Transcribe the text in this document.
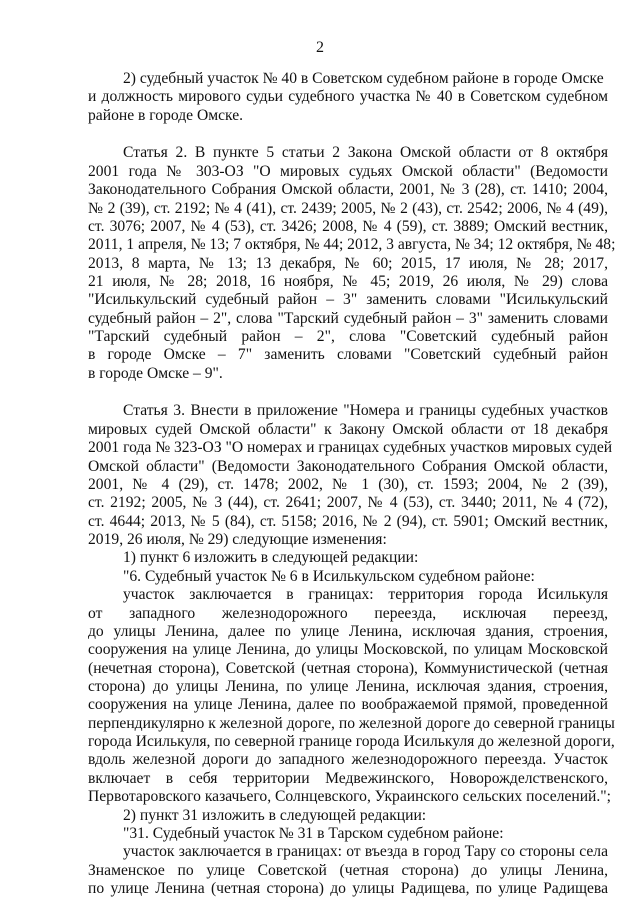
2
2) судебный участок № 40 в Советском судебном районе в городе Омске
и должность мирового судьи судебного участка № 40 в Советском судебном
районе в городе Омске.
Статья 2. В пункте 5 статьи 2 Закона Омской области от 8 октября
2001 года № 303-ОЗ "О мировых судьях Омской области" (Ведомости
Законодательного Собрания Омской области, 2001, № 3 (28), ст. 1410; 2004,
№ 2 (39), ст. 2192; № 4 (41), ст. 2439; 2005, № 2 (43), ст. 2542; 2006, № 4 (49),
ст. 3076; 2007, № 4 (53), ст. 3426; 2008, № 4 (59), ст. 3889; Омский вестник,
2011, 1 апреля, № 13; 7 октября, № 44; 2012, 3 августа, № 34; 12 октября, № 48;
2013, 8 марта, № 13; 13 декабря, № 60; 2015, 17 июля, № 28; 2017,
21 июля, № 28; 2018, 16 ноября, № 45; 2019, 26 июля, № 29) слова
"Исилькульский судебный район – 3" заменить словами "Исилькульский
судебный район – 2", слова "Тарский судебный район – 3" заменить словами
"Тарский судебный район – 2", слова "Советский судебный район
в городе Омске – 7" заменить словами "Советский судебный район
в городе Омске – 9".
Статья 3. Внести в приложение "Номера и границы судебных участков
мировых судей Омской области" к Закону Омской области от 18 декабря
2001 года № 323-ОЗ "О номерах и границах судебных участков мировых судей
Омской области" (Ведомости Законодательного Собрания Омской области,
2001, № 4 (29), ст. 1478; 2002, № 1 (30), ст. 1593; 2004, № 2 (39),
ст. 2192; 2005, № 3 (44), ст. 2641; 2007, № 4 (53), ст. 3440; 2011, № 4 (72),
ст. 4644; 2013, № 5 (84), ст. 5158; 2016, № 2 (94), ст. 5901; Омский вестник,
2019, 26 июля, № 29) следующие изменения:
1) пункт 6 изложить в следующей редакции:
"6. Судебный участок № 6 в Исилькульском судебном районе:
участок заключается в границах: территория города Исилькуля
от западного железнодорожного переезда, исключая переезд,
до улицы Ленина, далее по улице Ленина, исключая здания, строения,
сооружения на улице Ленина, до улицы Московской, по улицам Московской
(нечетная сторона), Советской (четная сторона), Коммунистической (четная
сторона) до улицы Ленина, по улице Ленина, исключая здания, строения,
сооружения на улице Ленина, далее по воображаемой прямой, проведенной
перпендикулярно к железной дороге, по железной дороге до северной границы
города Исилькуля, по северной границе города Исилькуля до железной дороги,
вдоль железной дороги до западного железнодорожного переезда. Участок
включает в себя территории Медвежинского, Новорожделственского,
Первотаровского казачьего, Солнцевского, Украинского сельских поселений.";
2) пункт 31 изложить в следующей редакции:
"31. Судебный участок № 31 в Тарском судебном районе:
участок заключается в границах: от въезда в город Тару со стороны села
Знаменское по улице Советской (четная сторона) до улицы Ленина,
по улице Ленина (четная сторона) до улицы Радищева, по улице Радищева
